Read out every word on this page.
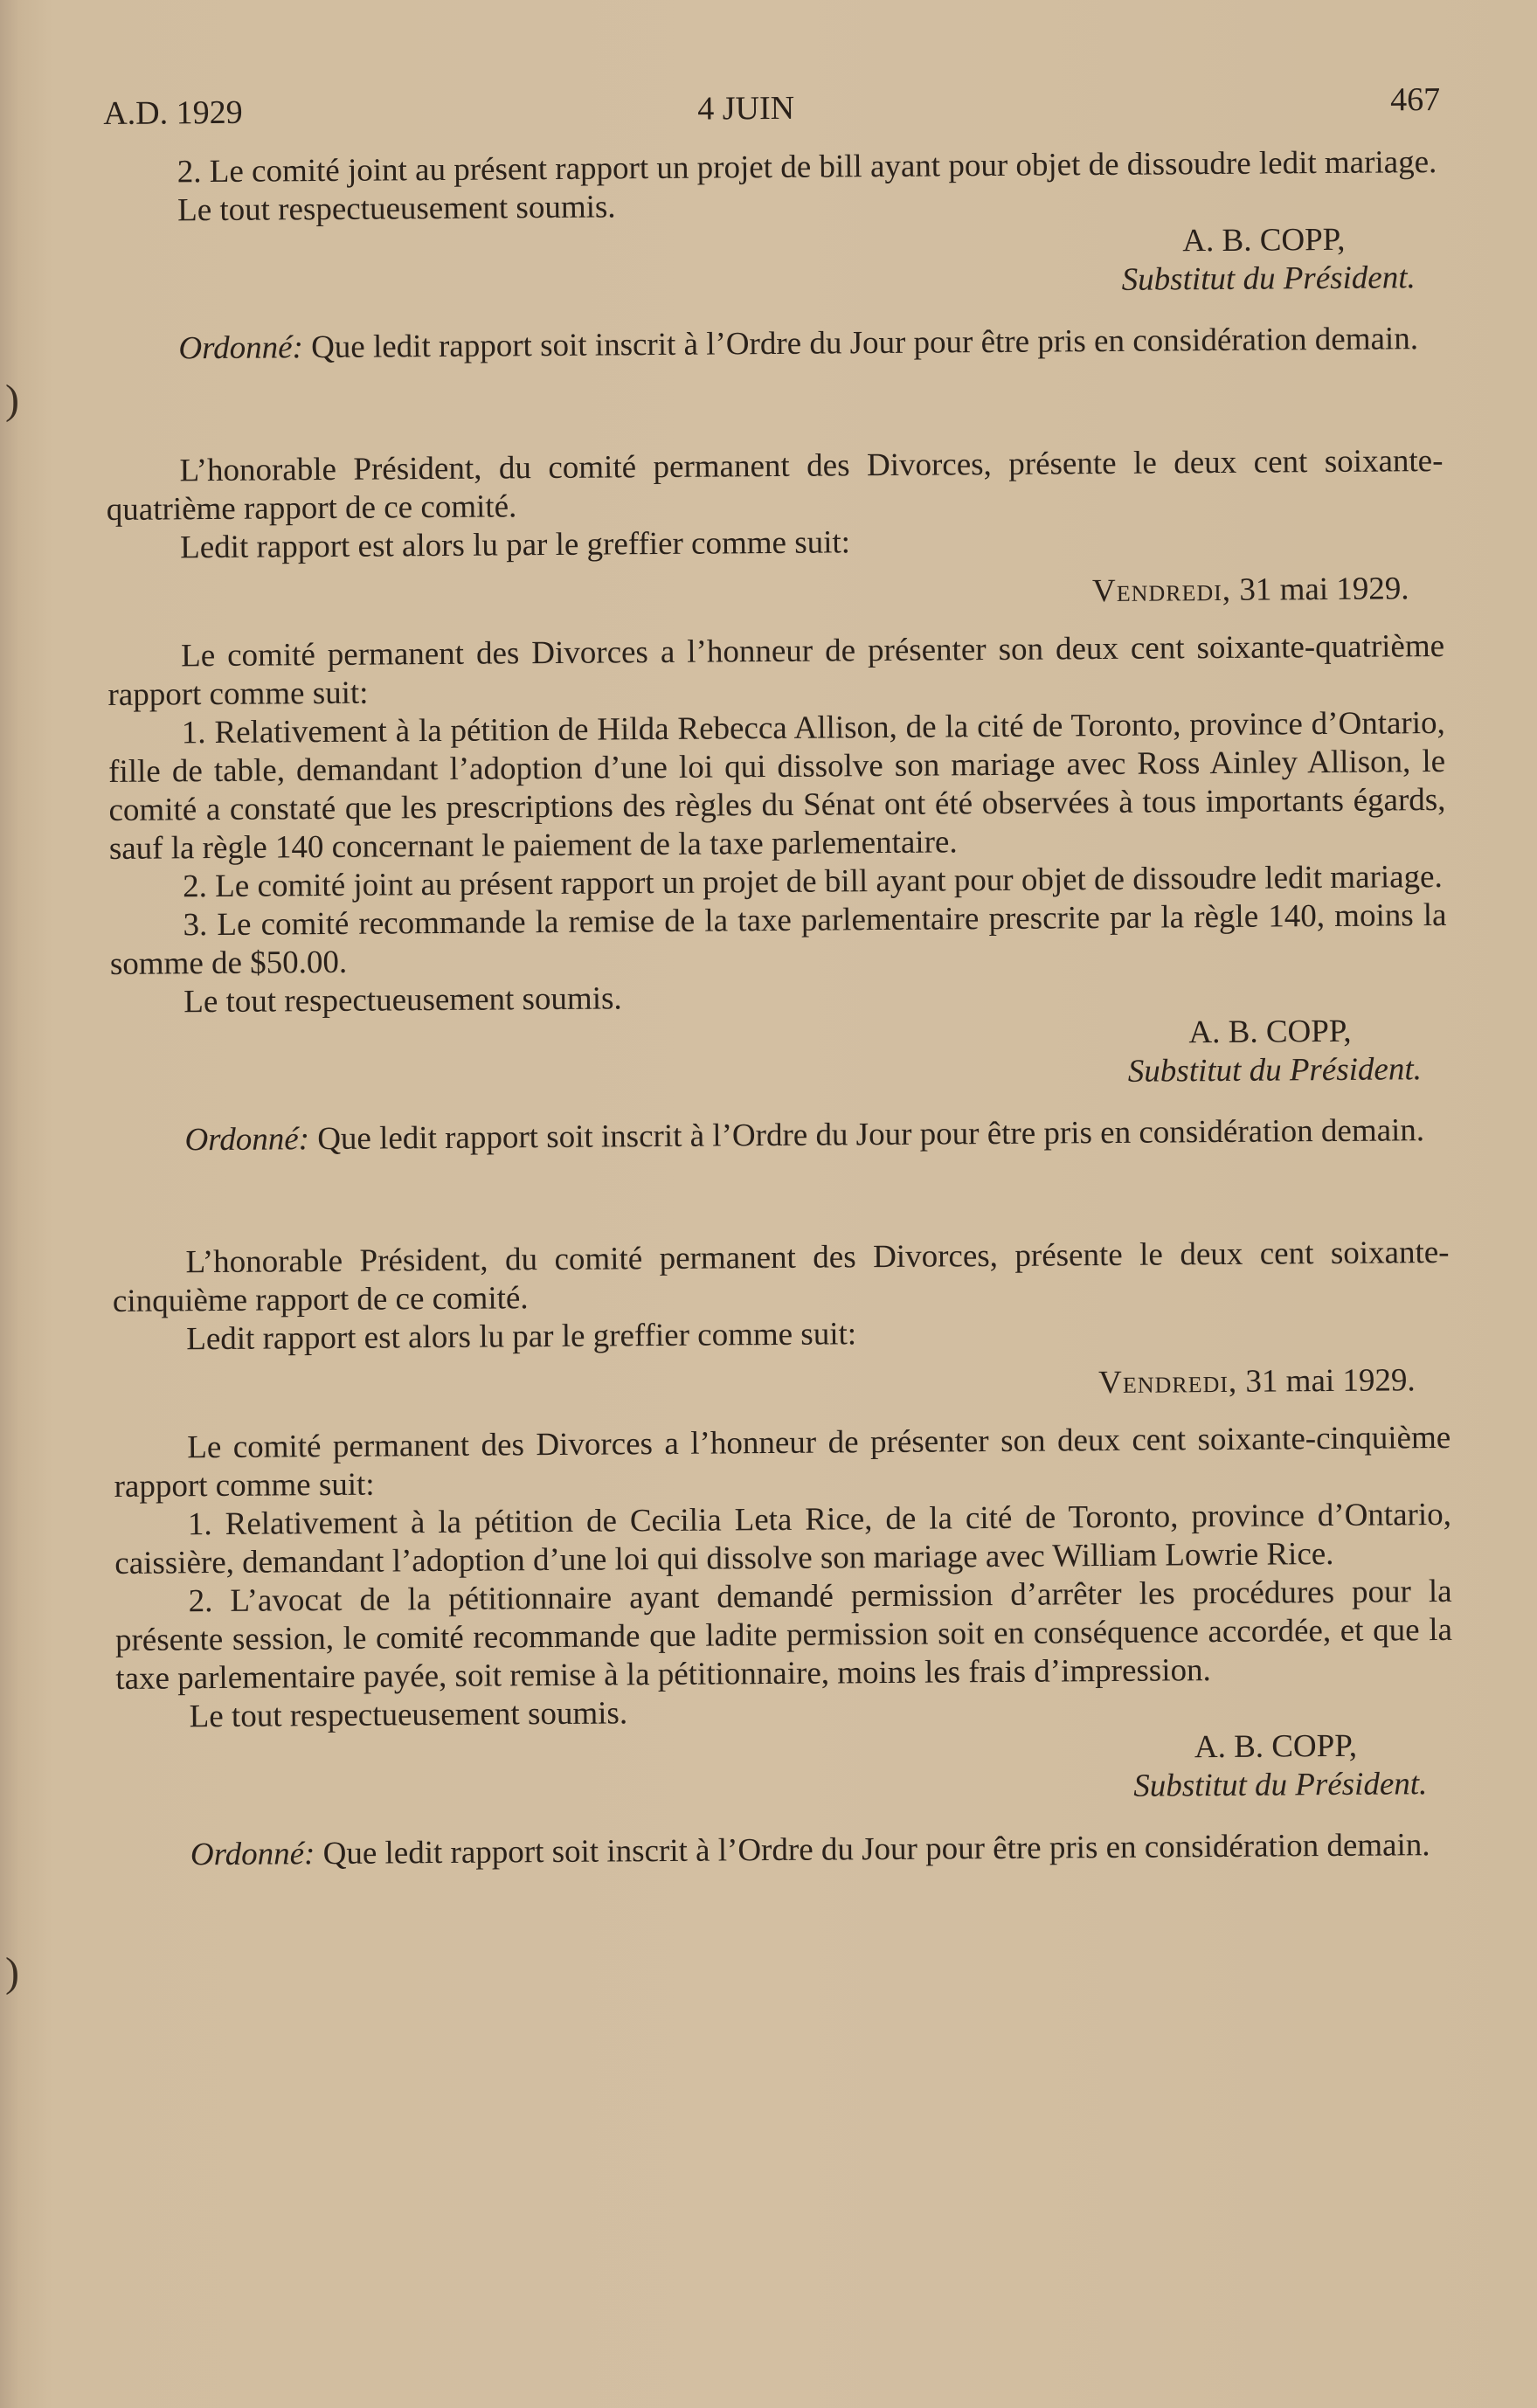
)
)
A.D. 1929	4 JUIN	467

2. Le comité joint au présent rapport un projet de bill ayant pour objet de dissoudre ledit mariage.

Le tout respectueusement soumis.

A. B. COPP,
Substitut du Président.

Ordonné: Que ledit rapport soit inscrit à l’Ordre du Jour pour être pris en considération demain.

L’honorable Président, du comité permanent des Divorces, présente le deux cent soixante-quatrième rapport de ce comité.

Ledit rapport est alors lu par le greffier comme suit:

Vendredi, 31 mai 1929.

Le comité permanent des Divorces a l’honneur de présenter son deux cent soixante-quatrième rapport comme suit:

1. Relativement à la pétition de Hilda Rebecca Allison, de la cité de Toronto, province d’Ontario, fille de table, demandant l’adoption d’une loi qui dissolve son mariage avec Ross Ainley Allison, le comité a constaté que les prescriptions des règles du Sénat ont été observées à tous importants égards, sauf la règle 140 concernant le paiement de la taxe parlementaire.

2. Le comité joint au présent rapport un projet de bill ayant pour objet de dissoudre ledit mariage.

3. Le comité recommande la remise de la taxe parlementaire prescrite par la règle 140, moins la somme de $50.00.

Le tout respectueusement soumis.

A. B. COPP,
Substitut du Président.

Ordonné: Que ledit rapport soit inscrit à l’Ordre du Jour pour être pris en considération demain.

L’honorable Président, du comité permanent des Divorces, présente le deux cent soixante-cinquième rapport de ce comité.

Ledit rapport est alors lu par le greffier comme suit:

Vendredi, 31 mai 1929.

Le comité permanent des Divorces a l’honneur de présenter son deux cent soixante-cinquième rapport comme suit:

1. Relativement à la pétition de Cecilia Leta Rice, de la cité de Toronto, province d’Ontario, caissière, demandant l’adoption d’une loi qui dissolve son mariage avec William Lowrie Rice.

2. L’avocat de la pétitionnaire ayant demandé permission d’arrêter les procédures pour la présente session, le comité recommande que ladite permission soit en conséquence accordée, et que la taxe parlementaire payée, soit remise à la pétitionnaire, moins les frais d’impression.

Le tout respectueusement soumis.

A. B. COPP,
Substitut du Président.

Ordonné: Que ledit rapport soit inscrit à l’Ordre du Jour pour être pris en considération demain.
